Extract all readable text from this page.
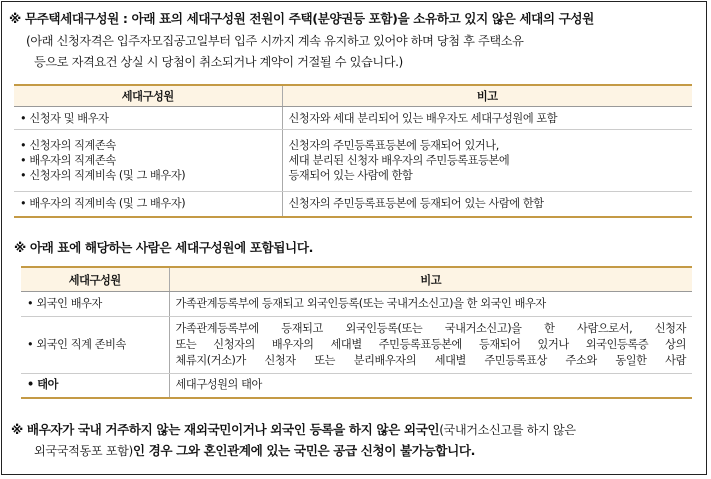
※ 무주택세대구성원 : 아래 표의 세대구성원 전원이 주택(분양권등 포함)을 소유하고 있지 않은 세대의 구성원
(아래 신청자격은 입주자모집공고일부터 입주 시까지 계속 유지하고 있어야 하며 당첨 후 주택소유
등으로 자격요건 상실 시 당첨이 취소되거나 계약이 거절될 수 있습니다.)
세대구성원	비고

• 신청자 및 배우자	신청자와 세대 분리되어 있는 배우자도 세대구성원에 포함

• 신청자의 직계존속
• 배우자의 직계존속
• 신청자의 직계비속 (및 그 배우자)	신청자의 주민등록표등본에 등재되어 있거나,
세대 분리된 신청자 배우자의 주민등록표등본에
등재되어 있는 사람에 한함

• 배우자의 직계비속 (및 그 배우자)	신청자의 주민등록표등본에 등재되어 있는 사람에 한함
※ 아래 표에 해당하는 사람은 세대구성원에 포함됩니다.
세대구성원	비고
• 외국인 배우자	가족관계등록부에 등재되고 외국인등록(또는 국내거소신고)을 한 외국인 배우자

• 외국인 직계 존비속	가족관계등록부에 등재되고 외국인등록(또는 국내거소신고)을 한 사람으로서, 신청자
또는 신청자의 배우자의 세대별 주민등록표등본에 등재되어 있거나 외국인등록증 상의
체류지(거소)가 신청자 또는 분리배우자의 세대별 주민등록표상 주소와 동일한 사람

• 태아	세대구성원의 태아
※ 배우자가 국내 거주하지 않는 재외국민이거나 외국인 등록을 하지 않은 외국인(국내거소신고를 하지 않은
외국국적동포 포함)인 경우 그와 혼인관계에 있는 국민은 공급 신청이 불가능합니다.
